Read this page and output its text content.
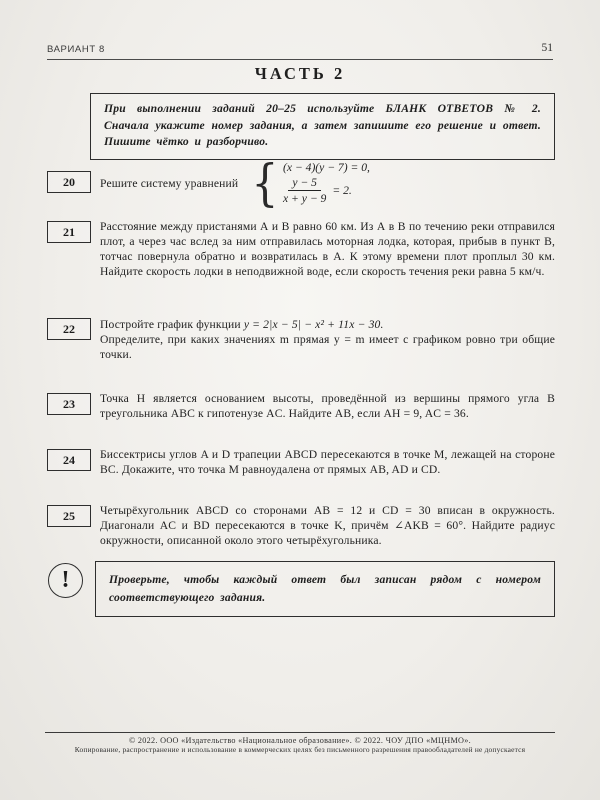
ВАРИАНТ 8	51
ЧАСТЬ 2
При выполнении заданий 20–25 используйте БЛАНК ОТВЕТОВ № 2. Сначала укажите номер задания, а затем запишите его решение и ответ. Пишите чётко и разборчиво.
20	Решите систему уравнений { (x − 4)(y − 7) = 0,
$\frac{y - 5}{x + y - 9} = 2$.
21	Расстояние между пристанями А и В равно 60 км. Из А в В по течению реки отправился плот, а через час вслед за ним отправилась моторная лодка, которая, прибыв в пункт В, тотчас повернула обратно и возвратилась в А. К этому времени плот проплыл 30 км. Найдите скорость лодки в неподвижной воде, если скорость течения реки равна 5 км/ч.
22	Постройте график функции y = 2|x − 5| − x² + 11x − 30.
Определите, при каких значениях m прямая y = m имеет с графиком ровно три общие точки.
23	Точка H является основанием высоты, проведённой из вершины прямого угла B треугольника ABC к гипотенузе AC. Найдите AB, если AH = 9, AC = 36.
24	Биссектрисы углов A и D трапеции ABCD пересекаются в точке M, лежащей на стороне BC. Докажите, что точка M равноудалена от прямых AB, AD и CD.
25	Четырёхугольник ABCD со сторонами AB = 12 и CD = 30 вписан в окружность. Диагонали AC и BD пересекаются в точке K, причём ∠AKB = 60°. Найдите радиус окружности, описанной около этого четырёхугольника.
!	Проверьте, чтобы каждый ответ был записан рядом с номером соответствующего задания.
© 2022. ООО «Издательство «Национальное образование». © 2022. ЧОУ ДПО «МЦНМО».
Копирование, распространение и использование в коммерческих целях без письменного разрешения правообладателей не допускается
